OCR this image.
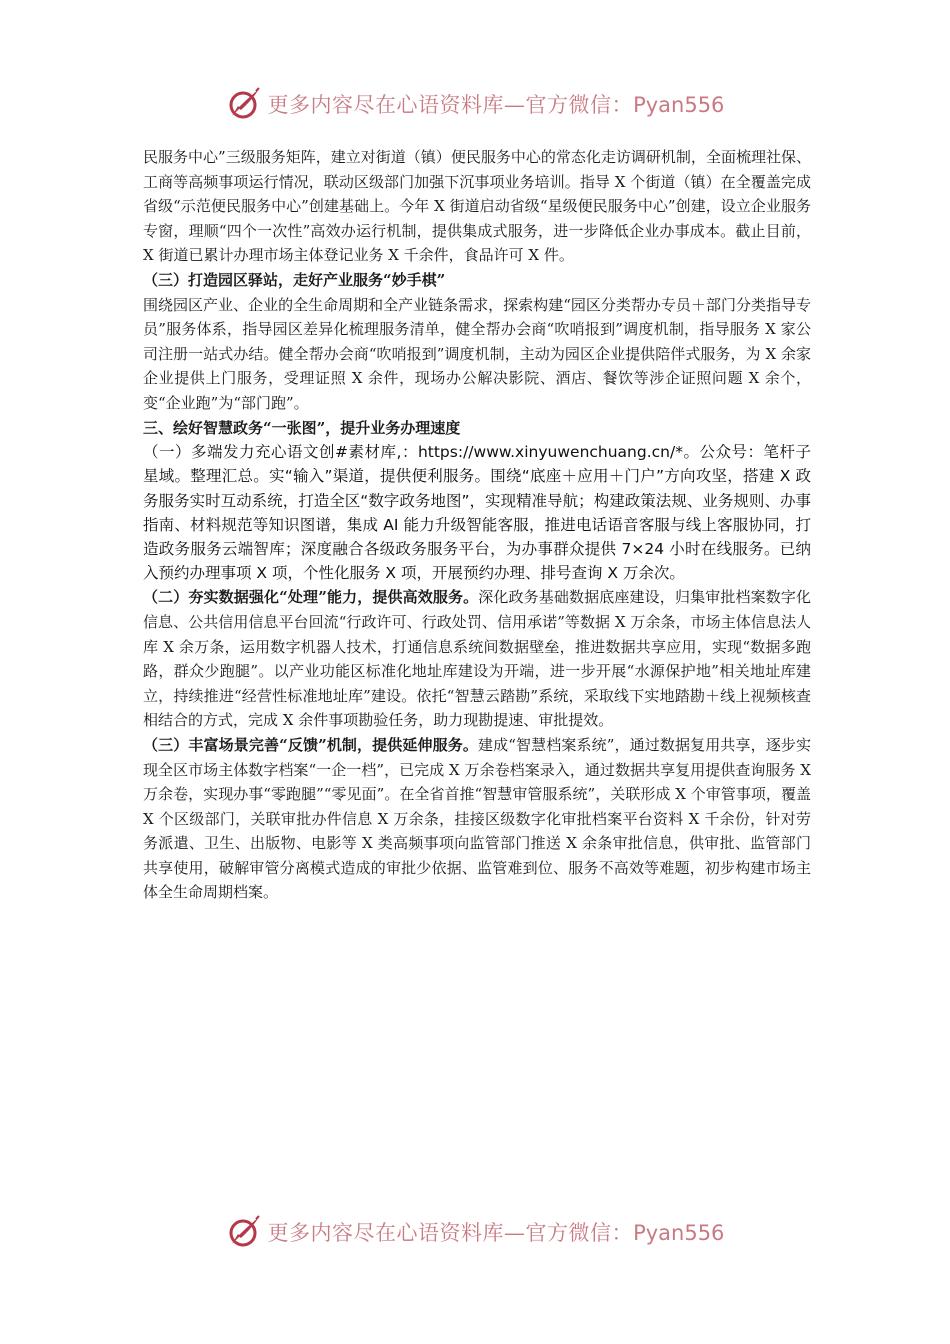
更多内容尽在心语资料库—官方微信：Pyan556

民服务中心”三级服务矩阵，建立对街道（镇）便民服务中心的常态化走访调研机制，全面梳理社保、工商等高频事项运行情况，联动区级部门加强下沉事项业务培训。指导 X 个街道（镇）在全覆盖完成省级“示范便民服务中心”创建基础上。今年 X 街道启动省级“星级便民服务中心”创建，设立企业服务专窗，理顺“四个一次性”高效办运行机制，提供集成式服务，进一步降低企业办事成本。截止目前，X 街道已累计办理市场主体登记业务 X 千余件，食品许可 X 件。

（三）打造园区驿站，走好产业服务“妙手棋”

围绕园区产业、企业的全生命周期和全产业链条需求，探索构建“园区分类帮办专员＋部门分类指导专员”服务体系，指导园区差异化梳理服务清单，健全帮办会商“吹哨报到”调度机制，指导服务 X 家公司注册一站式办结。健全帮办会商“吹哨报到”调度机制，主动为园区企业提供陪伴式服务，为 X 余家企业提供上门服务，受理证照 X 余件，现场办公解决影院、酒店、餐饮等涉企证照问题 X 余个，变“企业跑”为“部门跑”。

三、绘好智慧政务“一张图”，提升业务办理速度

（一）多端发力充心语文创#素材库,：https://www.xinyuwenchuang.cn/*。公众号：笔杆子星域。整理汇总。实“输入”渠道，提供便利服务。围绕“底座＋应用＋门户”方向攻坚，搭建 X 政务服务实时互动系统，打造全区“数字政务地图”，实现精准导航；构建政策法规、业务规则、办事指南、材料规范等知识图谱，集成 AI 能力升级智能客服，推进电话语音客服与线上客服协同，打造政务服务云端智库；深度融合各级政务服务平台，为办事群众提供 7×24 小时在线服务。已纳入预约办理事项 X 项，个性化服务 X 项，开展预约办理、排号查询 X 万余次。

（二）夯实数据强化“处理”能力，提供高效服务。深化政务基础数据底座建设，归集审批档案数字化信息、公共信用信息平台回流“行政许可、行政处罚、信用承诺”等数据 X 万余条，市场主体信息法人库 X 余万条，运用数字机器人技术，打通信息系统间数据壁垒，推进数据共享应用，实现“数据多跑路，群众少跑腿”。以产业功能区标准化地址库建设为开端，进一步开展“水源保护地”相关地址库建立，持续推进“经营性标准地址库”建设。依托“智慧云踏勘”系统，采取线下实地踏勘＋线上视频核查相结合的方式，完成 X 余件事项勘验任务，助力现勘提速、审批提效。

（三）丰富场景完善“反馈”机制，提供延伸服务。建成“智慧档案系统”，通过数据复用共享，逐步实现全区市场主体数字档案“一企一档”，已完成 X 万余卷档案录入，通过数据共享复用提供查询服务 X 万余卷，实现办事“零跑腿”“零见面”。在全省首推“智慧审管服系统”，关联形成 X 个审管事项，覆盖 X 个区级部门，关联审批办件信息 X 万余条，挂接区级数字化审批档案平台资料 X 千余份，针对劳务派遣、卫生、出版物、电影等 X 类高频事项向监管部门推送 X 余条审批信息，供审批、监管部门共享使用，破解审管分离模式造成的审批少依据、监管难到位、服务不高效等难题，初步构建市场主体全生命周期档案。

更多内容尽在心语资料库—官方微信：Pyan556
